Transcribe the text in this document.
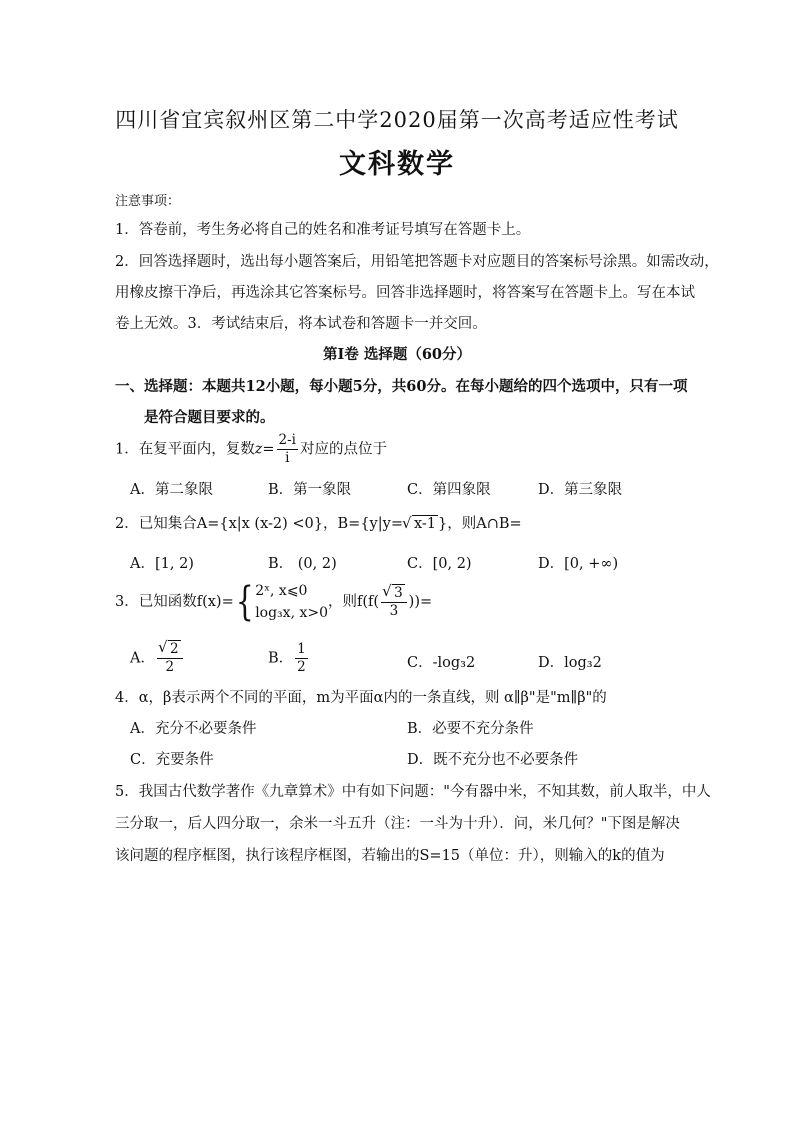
四川省宜宾叙州区第二中学2020届第一次高考适应性考试
文科数学
注意事项：
1．答卷前，考生务必将自己的姓名和准考证号填写在答题卡上。
2．回答选择题时，选出每小题答案后，用铅笔把答题卡对应题目的答案标号涂黑。如需改动，
用橡皮擦干净后，再选涂其它答案标号。回答非选择题时，将答案写在答题卡上。写在本试
卷上无效。3．考试结束后，将本试卷和答题卡一并交回。
第I卷 选择题（60分）
一、选择题：本题共12小题，每小题5分，共60分。在每小题给的四个选项中，只有一项
是符合题目要求的。
1．在复平面内，复数$z= \frac{2-i}{i}$ 对应的点位于
A．第二象限	B．第一象限	C．第四象限	D．第三象限
2．已知集合A={x|x (x-2) <0}，B={y|y= √ x-1 }，则A∩B=
A．[1, 2)	B． (0, 2)	C．[0, 2)	D．[0, +∞)
3．已知函数f(x)={ 2ˣ, x⩽0
log₃x, x>0
，则f(f( √ $\frac{3}{3}$ ))=
A． √ $\frac{2}{2}$	B． $\frac{1}{2}$	C．-log₃2	D．log₃2
4．α，β表示两个不同的平面，m为平面α内的一条直线，则 α∥β"是"m∥β"的
A．充分不必要条件	B．必要不充分条件
C．充要条件	D．既不充分也不必要条件
5．我国古代数学著作《九章算术》中有如下问题："今有器中米，不知其数，前人取半，中人
三分取一，后人四分取一，余米一斗五升（注：一斗为十升）．问，米几何？"下图是解决
该问题的程序框图，执行该程序框图，若输出的S=15（单位：升），则输入的k的值为
